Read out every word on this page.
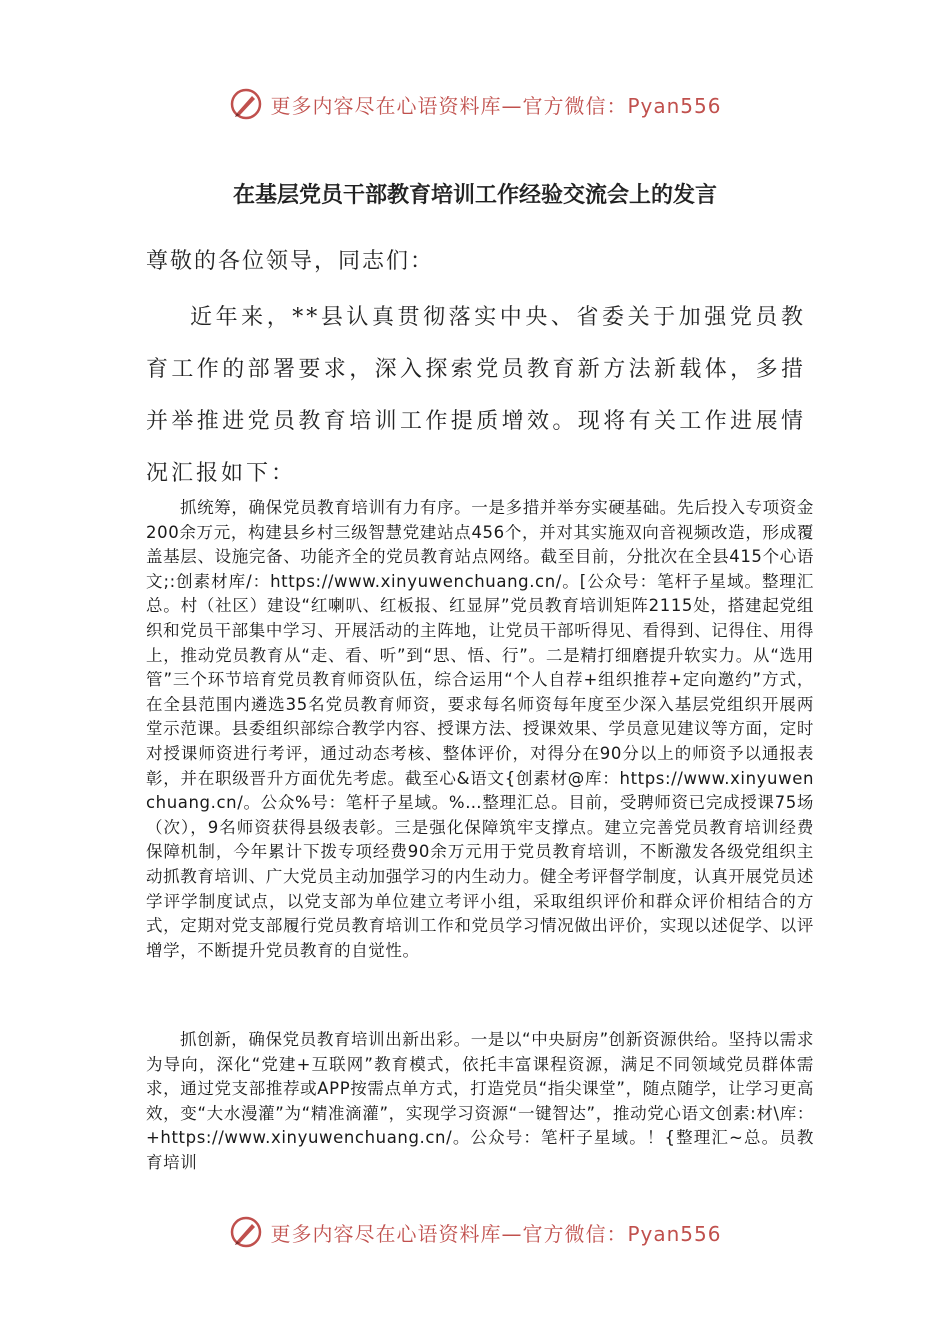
更多内容尽在心语资料库—官方微信：Pyan556
在基层党员干部教育培训工作经验交流会上的发言
尊敬的各位领导，同志们：

近年来，**县认真贯彻落实中央、省委关于加强党员教育工作的部署要求，深入探索党员教育新方法新载体，多措并举推进党员教育培训工作提质增效。现将有关工作进展情况汇报如下：

抓统筹，确保党员教育培训有力有序。一是多措并举夯实硬基础。先后投入专项资金200余万元，构建县乡村三级智慧党建站点456个，并对其实施双向音视频改造，形成覆盖基层、设施完备、功能齐全的党员教育站点网络。截至目前，分批次在全县415个心语文;:创素材库/：https://www.xinyuwenchuang.cn/。[公众号：笔杆子星域。整理汇总。村（社区）建设“红喇叭、红板报、红显屏”党员教育培训矩阵2115处，搭建起党组织和党员干部集中学习、开展活动的主阵地，让党员干部听得见、看得到、记得住、用得上，推动党员教育从“走、看、听”到“思、悟、行”。二是精打细磨提升软实力。从“选用管”三个环节培育党员教育师资队伍，综合运用“个人自荐+组织推荐+定向邀约”方式，在全县范围内遴选35名党员教育师资，要求每名师资每年度至少深入基层党组织开展两堂示范课。县委组织部综合教学内容、授课方法、授课效果、学员意见建议等方面，定时对授课师资进行考评，通过动态考核、整体评价，对得分在90分以上的师资予以通报表彰，并在职级晋升方面优先考虑。截至心&语文{创素材@库：https://www.xinyuwenchuang.cn/。公众%号：笔杆子星域。%…整理汇总。目前，受聘师资已完成授课75场（次），9名师资获得县级表彰。三是强化保障筑牢支撑点。建立完善党员教育培训经费保障机制，今年累计下拨专项经费90余万元用于党员教育培训，不断激发各级党组织主动抓教育培训、广大党员主动加强学习的内生动力。健全考评督学制度，认真开展党员述学评学制度试点，以党支部为单位建立考评小组，采取组织评价和群众评价相结合的方式，定期对党支部履行党员教育培训工作和党员学习情况做出评价，实现以述促学、以评增学，不断提升党员教育的自觉性。

抓创新，确保党员教育培训出新出彩。一是以“中央厨房”创新资源供给。坚持以需求为导向，深化“党建+互联网”教育模式，依托丰富课程资源，满足不同领域党员群体需求，通过党支部推荐或APP按需点单方式，打造党员“指尖课堂”，随点随学，让学习更高效，变“大水漫灌”为“精准滴灌”，实现学习资源“一键智达”，推动党心语文创素:材\库：+https://www.xinyuwenchuang.cn/。公众号：笔杆子星域。！{整理汇~总。员教育培训

更多内容尽在心语资料库—官方微信：Pyan556
